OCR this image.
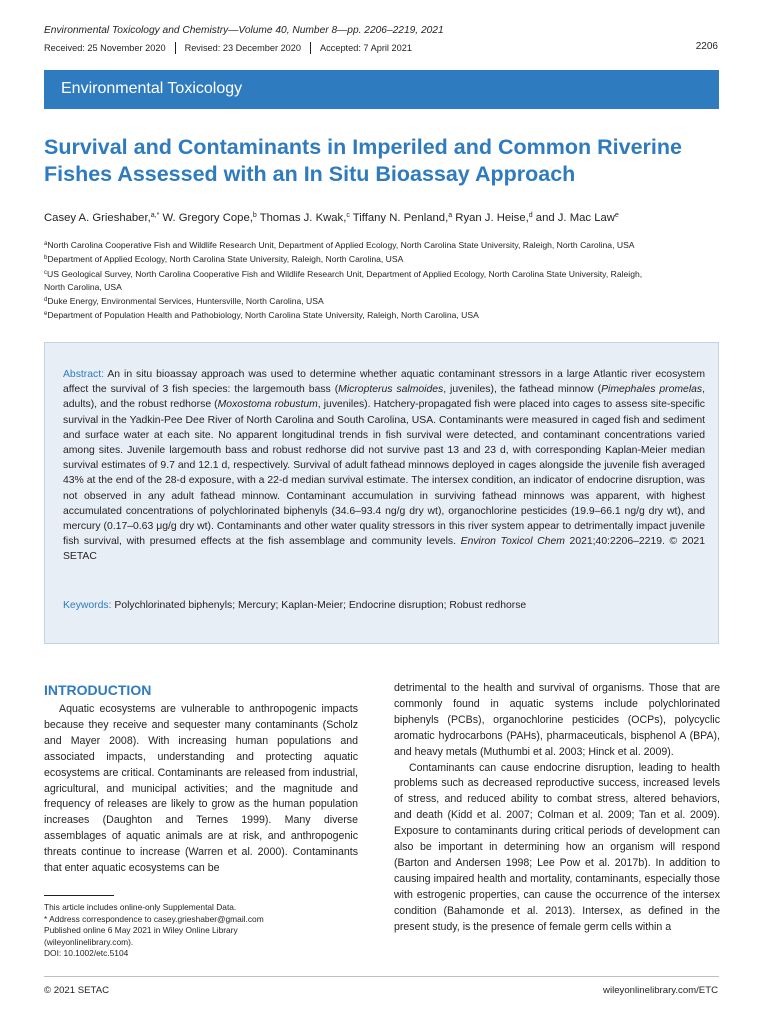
Environmental Toxicology and Chemistry—Volume 40, Number 8—pp. 2206–2219, 2021
Received: 25 November 2020 Revised: 23 December 2020 Accepted: 7 April 2021	2206
Environmental Toxicology
Survival and Contaminants in Imperiled and Common Riverine
Fishes Assessed with an In Situ Bioassay Approach
Casey A. Grieshaber,$^{a,*}$ W. Gregory Cope,$^b$ Thomas J. Kwak,$^c$ Tiffany N. Penland,$^a$ Ryan J. Heise,$^d$ and J. Mac Law$^e$
$^a$North Carolina Cooperative Fish and Wildlife Research Unit, Department of Applied Ecology, North Carolina State University, Raleigh, North Carolina, USA
$^b$Department of Applied Ecology, North Carolina State University, Raleigh, North Carolina, USA
$^c$US Geological Survey, North Carolina Cooperative Fish and Wildlife Research Unit, Department of Applied Ecology, North Carolina State University, Raleigh,
North Carolina, USA
$^d$Duke Energy, Environmental Services, Huntersville, North Carolina, USA
$^e$Department of Population Health and Pathobiology, North Carolina State University, Raleigh, North Carolina, USA
Abstract: An in situ bioassay approach was used to determine whether aquatic contaminant stressors in a large Atlantic river ecosystem affect the survival of 3 fish species: the largemouth bass (Micropterus salmoides, juveniles), the fathead minnow (Pimephales promelas, adults), and the robust redhorse (Moxostoma robustum, juveniles). Hatchery-propagated fish were placed into cages to assess site-specific survival in the Yadkin-Pee Dee River of North Carolina and South Carolina, USA. Contaminants were measured in caged fish and sediment and surface water at each site. No apparent longitudinal trends in fish survival were detected, and contaminant concentrations varied among sites. Juvenile largemouth bass and robust redhorse did not survive past 13 and 23 d, with corresponding Kaplan-Meier median survival estimates of 9.7 and 12.1 d, respectively. Survival of adult fathead minnows deployed in cages alongside the juvenile fish averaged 43% at the end of the 28-d exposure, with a 22-d median survival estimate. The intersex condition, an indicator of endocrine disruption, was not observed in any adult fathead minnow. Contaminant accumulation in surviving fathead minnows was apparent, with highest accumulated concentrations of polychlorinated biphenyls (34.6–93.4 ng/g dry wt), organochlorine pesticides (19.9–66.1 ng/g dry wt), and mercury (0.17–0.63 μg/g dry wt). Contaminants and other water quality stressors in this river system appear to detrimentally impact juvenile fish survival, with presumed effects at the fish assemblage and community levels. Environ Toxicol Chem 2021;40:2206–2219. © 2021 SETAC
Keywords: Polychlorinated biphenyls; Mercury; Kaplan-Meier; Endocrine disruption; Robust redhorse
INTRODUCTION

Aquatic ecosystems are vulnerable to anthropogenic impacts because they receive and sequester many contaminants (Scholz and Mayer 2008). With increasing human populations and associated impacts, understanding and protecting aquatic ecosystems are critical. Contaminants are released from industrial, agricultural, and municipal activities; and the magnitude and frequency of releases are likely to grow as the human population increases (Daughton and Ternes 1999). Many diverse assemblages of aquatic animals are at risk, and anthropogenic threats continue to increase (Warren et al. 2000). Contaminants that enter aquatic ecosystems can be

detrimental to the health and survival of organisms. Those that are commonly found in aquatic systems include polychlorinated biphenyls (PCBs), organochlorine pesticides (OCPs), polycyclic aromatic hydrocarbons (PAHs), pharmaceuticals, bisphenol A (BPA), and heavy metals (Muthumbi et al. 2003; Hinck et al. 2009).

Contaminants can cause endocrine disruption, leading to health problems such as decreased reproductive success, increased levels of stress, and reduced ability to combat stress, altered behaviors, and death (Kidd et al. 2007; Colman et al. 2009; Tan et al. 2009). Exposure to contaminants during critical periods of development can also be important in determining how an organism will respond (Barton and Andersen 1998; Lee Pow et al. 2017b). In addition to causing impaired health and mortality, contaminants, especially those with estrogenic properties, can cause the occurrence of the intersex condition (Bahamonde et al. 2013). Intersex, as defined in the present study, is the presence of female germ cells within a

This article includes online-only Supplemental Data.
* Address correspondence to casey.grieshaber@gmail.com
Published online 6 May 2021 in Wiley Online Library
(wileyonlinelibrary.com).
DOI: 10.1002/etc.5104
© 2021 SETAC	wileyonlinelibrary.com/ETC
